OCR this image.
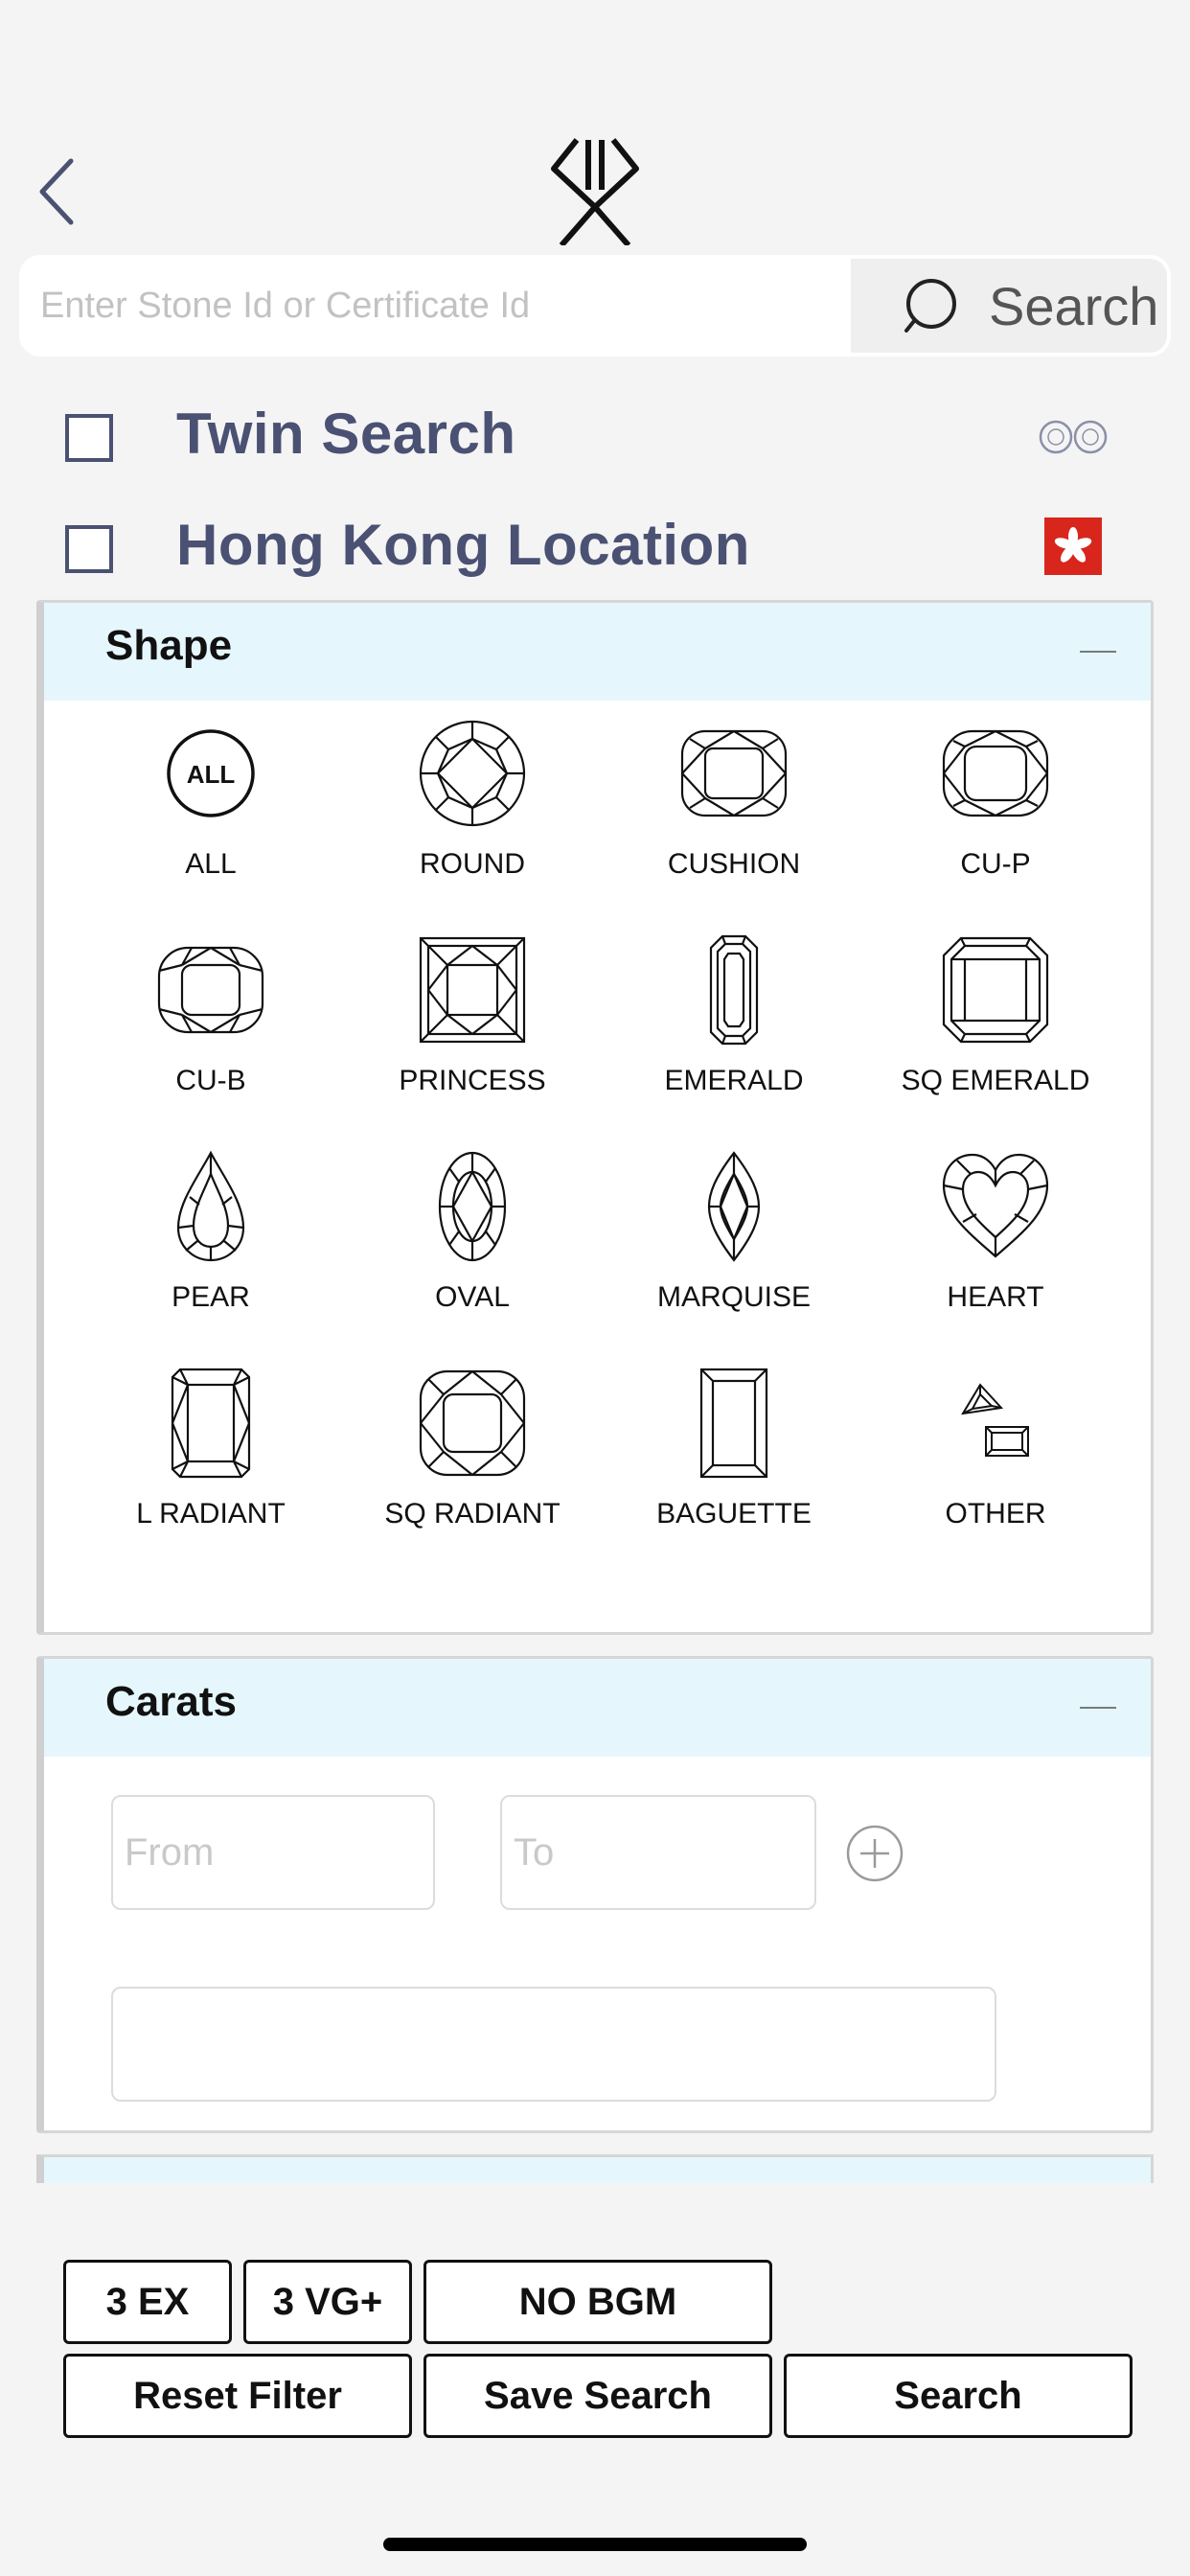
Enter Stone Id or Certificate Id
Search
Twin Search
Hong Kong Location
Shape
ALL
ALL	ROUND	CUSHION	CU-P
CU-B	PRINCESS	EMERALD	SQ EMERALD
PEAR	OVAL	MARQUISE	HEART
L RADIANT	SQ RADIANT	BAGUETTE	OTHER
Carats
From
To
3 EX	3 VG+	NO BGM
Reset Filter	Save Search	Search
